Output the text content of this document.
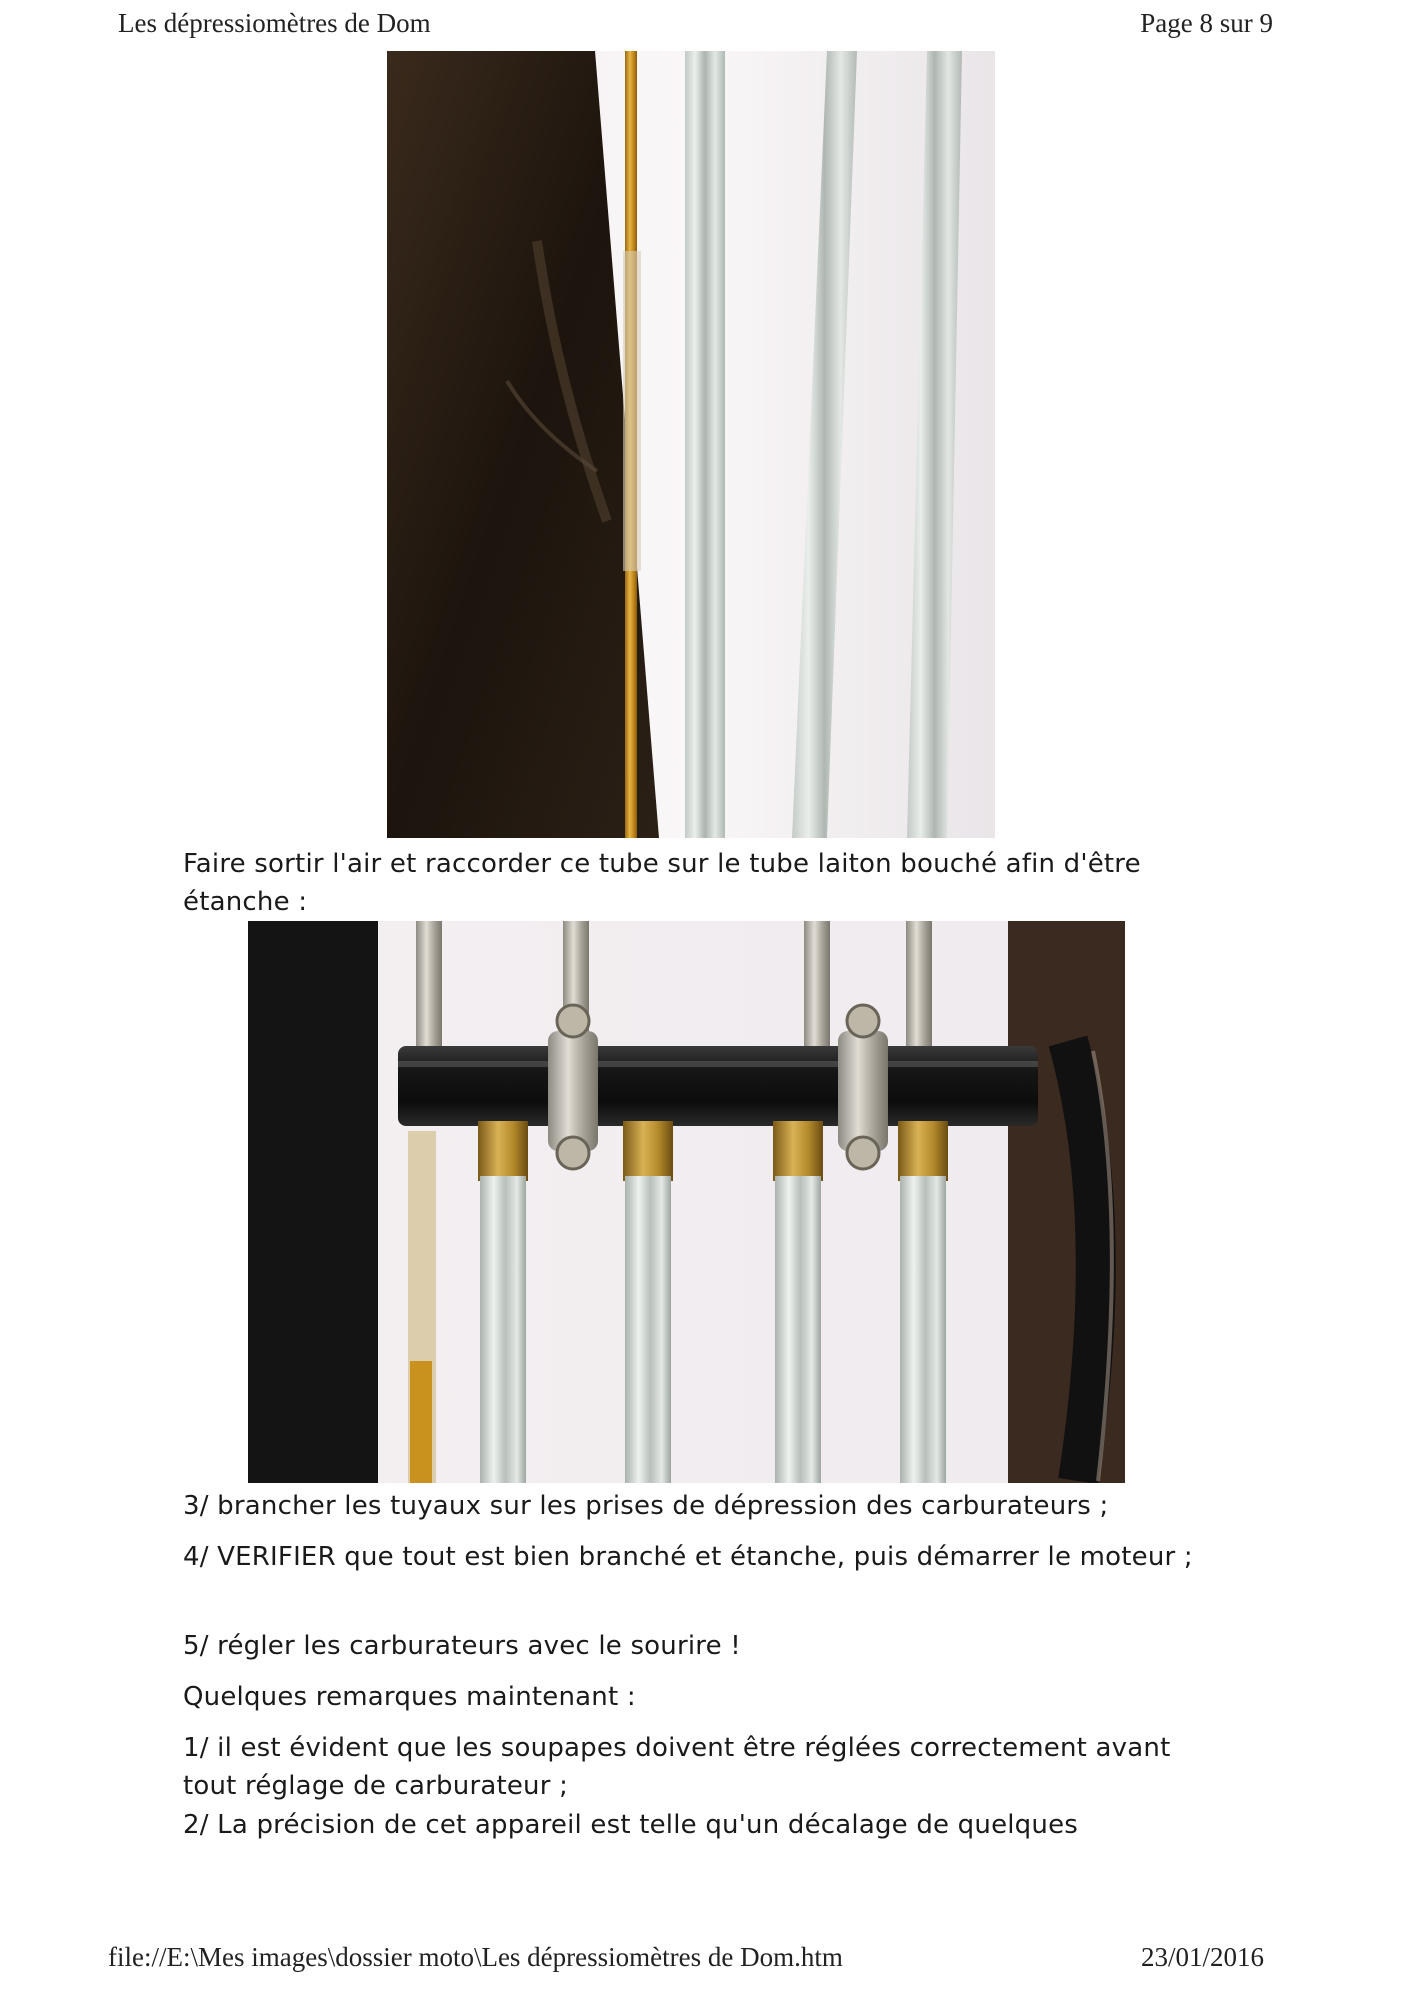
Les dépressiomètres de Dom	Page 8 sur 9
Faire sortir l'air et raccorder ce tube sur le tube laiton bouché afin d'être étanche :
3/ brancher les tuyaux sur les prises de dépression des carburateurs ;
4/ VERIFIER que tout est bien branché et étanche, puis démarrer le moteur ;
5/ régler les carburateurs avec le sourire !
Quelques remarques maintenant :
1/ il est évident que les soupapes doivent être réglées correctement avant tout réglage de carburateur ;
2/ La précision de cet appareil est telle qu'un décalage de quelques
file://E:\Mes images\dossier moto\Les dépressiomètres de Dom.htm	23/01/2016
